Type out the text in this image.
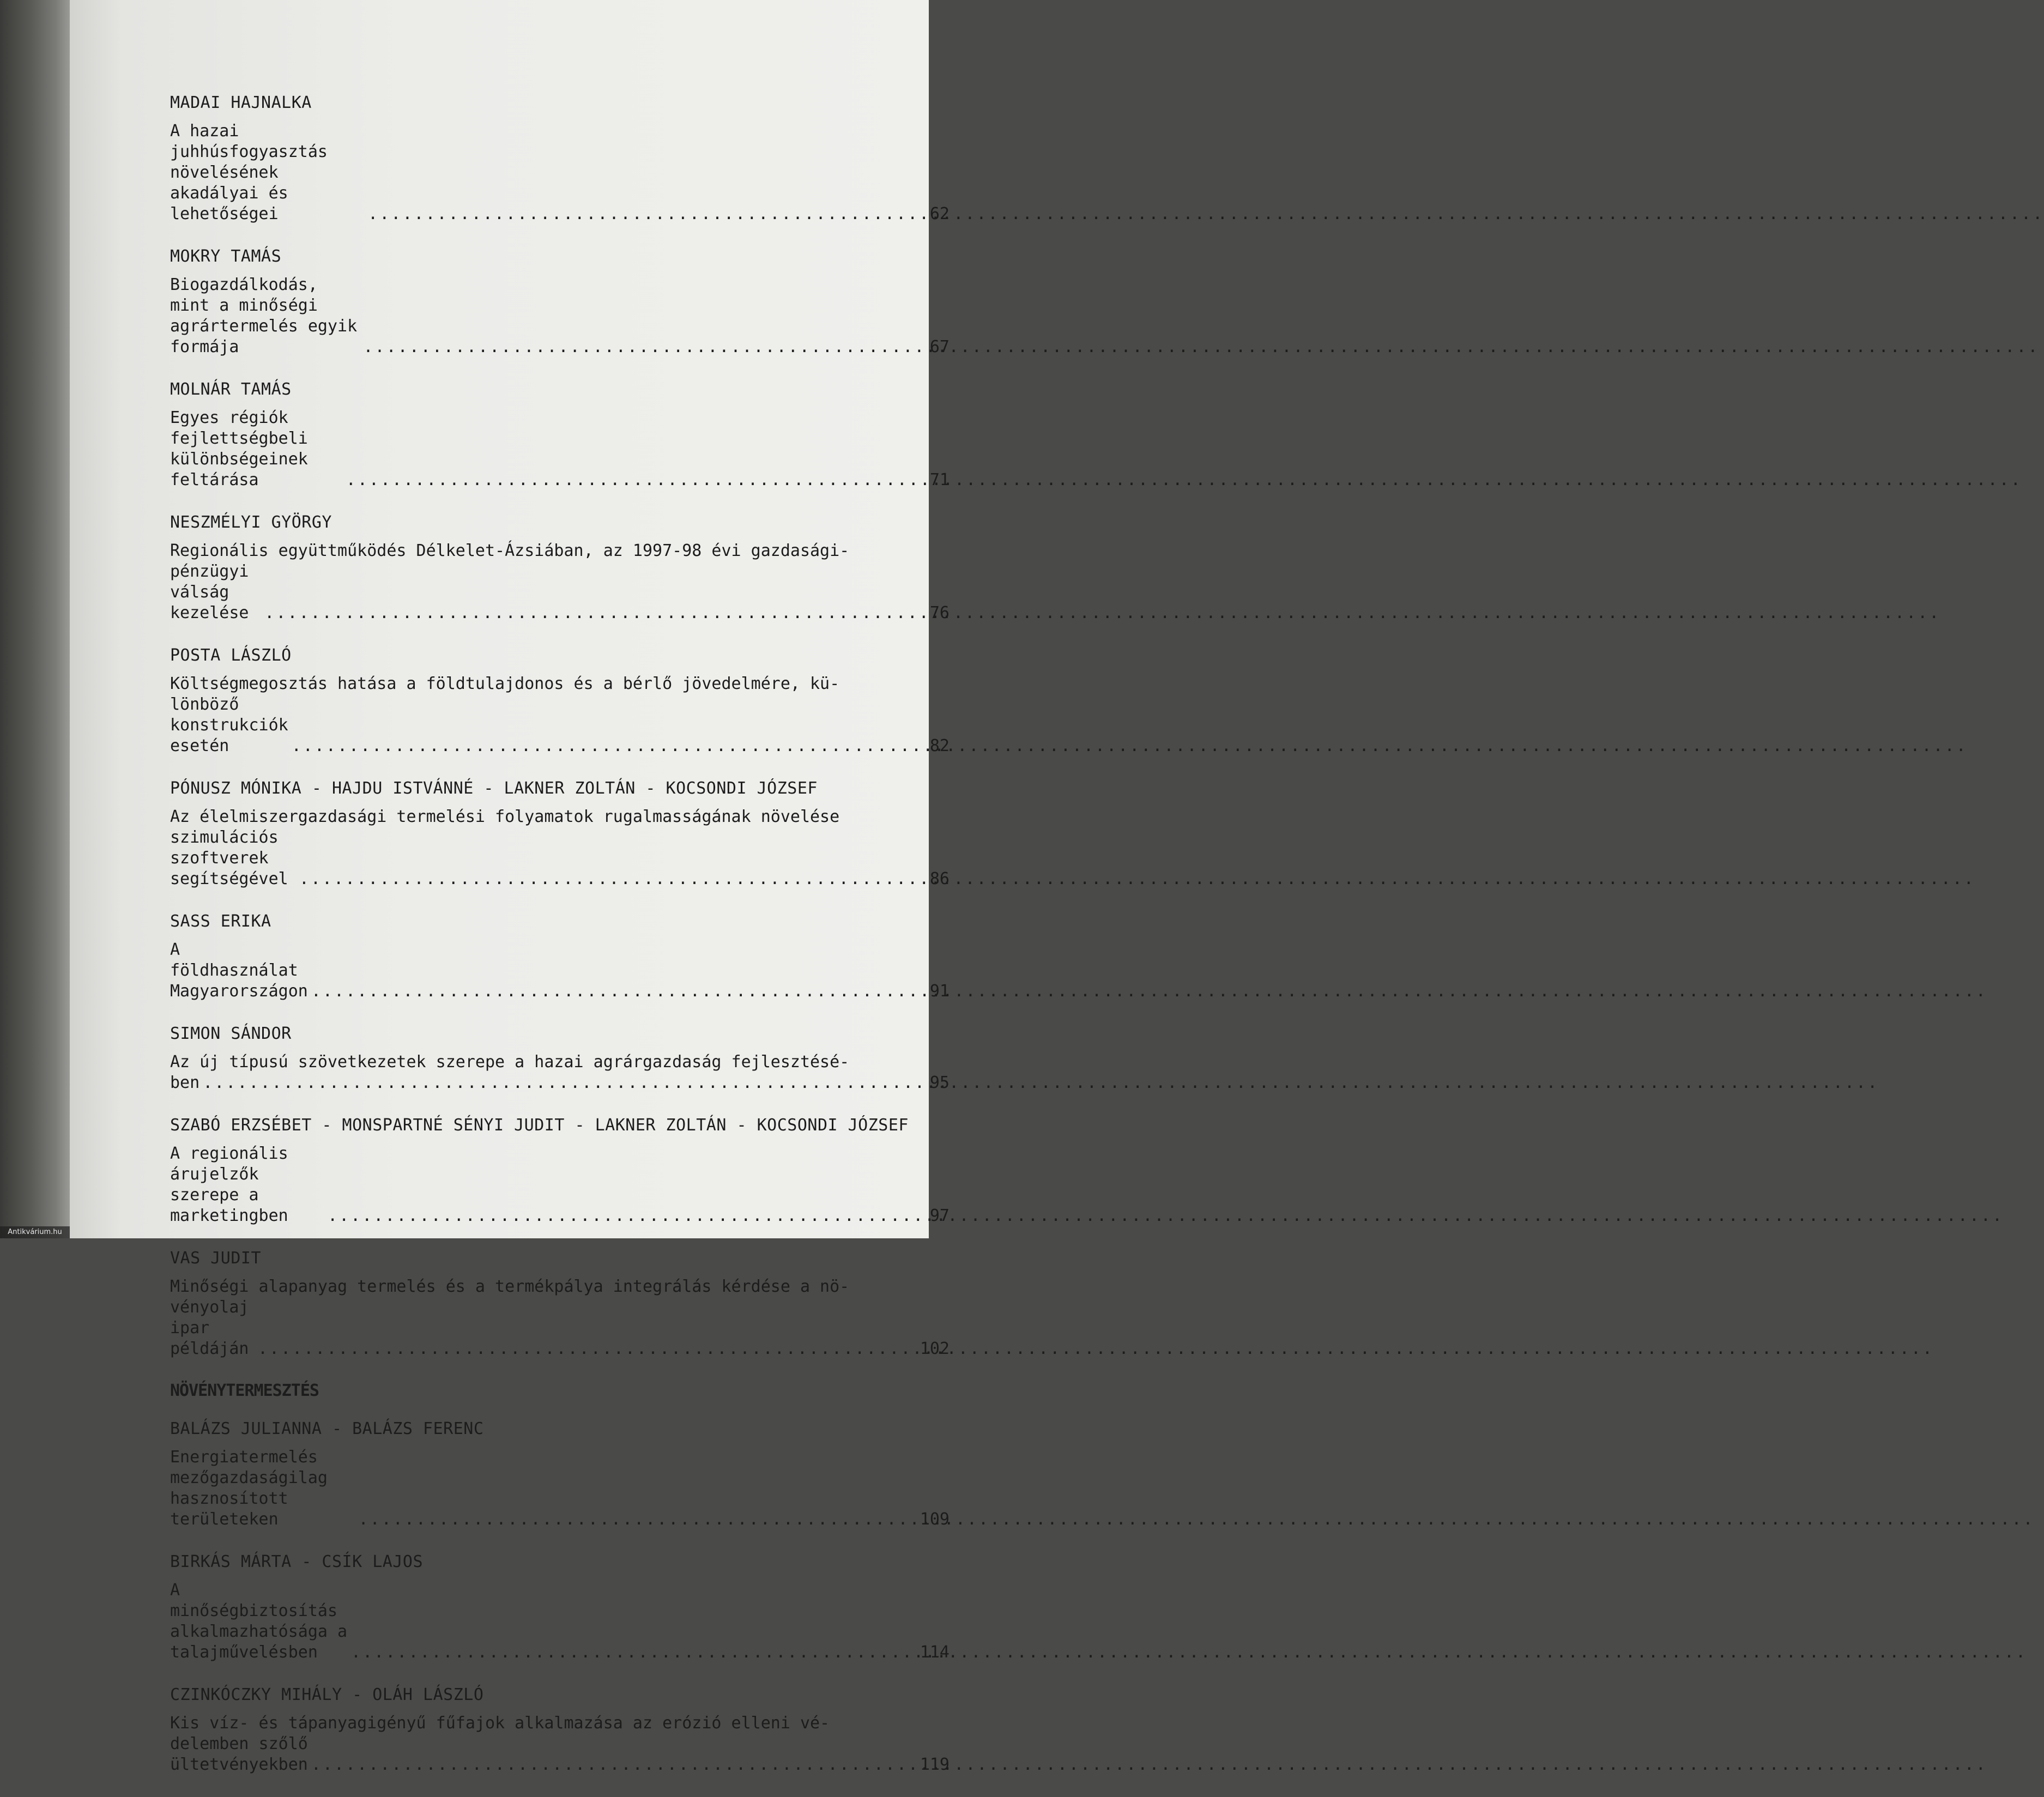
MADAI HAJNALKA
A hazai juhhúsfogyasztás növelésének akadályai és lehetőségei .....	62
MOKRY TAMÁS
Biogazdálkodás, mint a minőségi agrártermelés egyik formája .....	67
MOLNÁR TAMÁS
Egyes régiók fejlettségbeli különbségeinek feltárása .....	71
NESZMÉLYI GYÖRGY
Regionális együttműködés Délkelet-Ázsiában, az 1997-98 évi gazdasági-
pénzügyi válság kezelése .....	76
POSTA LÁSZLÓ
Költségmegosztás hatása a földtulajdonos és a bérlő jövedelmére, kü-
lönböző konstrukciók esetén .....	82
PÓNUSZ MÓNIKA - HAJDU ISTVÁNNÉ - LAKNER ZOLTÁN - KOCSONDI JÓZSEF
Az élelmiszergazdasági termelési folyamatok rugalmasságának növelése
szimulációs szoftverek segítségével .....	86
SASS ERIKA
A földhasználat Magyarországon .....	91
SIMON SÁNDOR
Az új típusú szövetkezetek szerepe a hazai agrárgazdaság fejlesztésé-
ben .....	95
SZABÓ ERZSÉBET - MONSPARTNÉ SÉNYI JUDIT - LAKNER ZOLTÁN - KOCSONDI JÓZSEF
A regionális árujelzők szerepe a marketingben .....	97
VAS JUDIT
Minőségi alapanyag termelés és a termékpálya integrálás kérdése a nö-
vényolaj ipar példáján .....	102
NÖVÉNYTERMESZTÉS
BALÁZS JULIANNA - BALÁZS FERENC
Energiatermelés mezőgazdaságilag hasznosított területeken .....	109
BIRKÁS MÁRTA - CSÍK LAJOS
A minőségbiztosítás alkalmazhatósága a talajművelésben .....	114
CZINKÓCZKY MIHÁLY - OLÁH LÁSZLÓ
Kis víz- és tápanyagigényű fűfajok alkalmazása az erózió elleni vé-
delemben szőlő ültetvényekben .....	119
Antikvárium.hu
